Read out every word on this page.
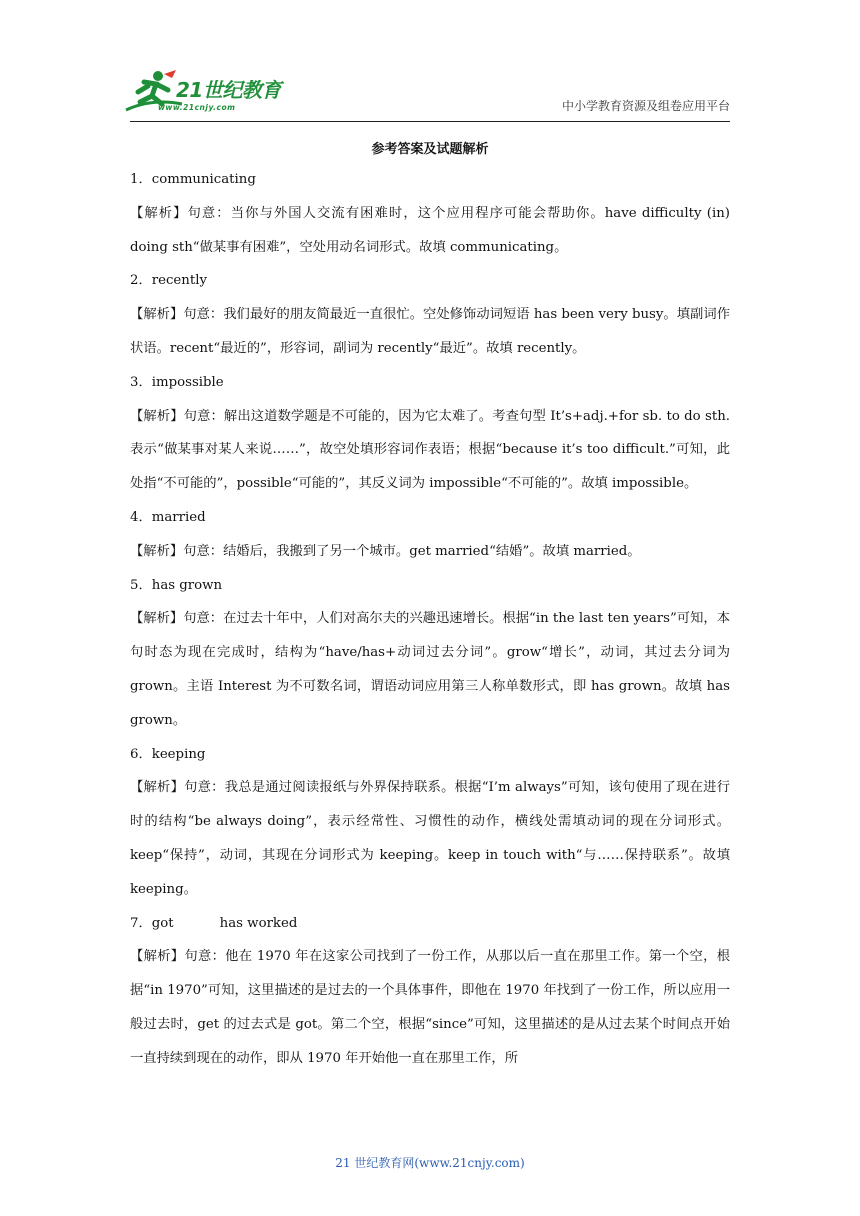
21世纪教育
www.21cnjy.com	中小学教育资源及组卷应用平台
参考答案及试题解析
1．communicating
【解析】句意：当你与外国人交流有困难时，这个应用程序可能会帮助你。have difficulty (in) doing sth“做某事有困难”，空处用动名词形式。故填 communicating。
2．recently
【解析】句意：我们最好的朋友简最近一直很忙。空处修饰动词短语 has been very busy。填副词作状语。recent“最近的”，形容词，副词为 recently“最近”。故填 recently。
3．impossible
【解析】句意：解出这道数学题是不可能的，因为它太难了。考查句型 It’s+adj.+for sb. to do sth.表示“做某事对某人来说……”，故空处填形容词作表语；根据“because it’s too difficult.”可知，此处指“不可能的”，possible“可能的”，其反义词为 impossible“不可能的”。故填 impossible。
4．married
【解析】句意：结婚后，我搬到了另一个城市。get married“结婚”。故填 married。
5．has grown
【解析】句意：在过去十年中，人们对高尔夫的兴趣迅速增长。根据“in the last ten years”可知，本句时态为现在完成时，结构为“have/has+动词过去分词”。grow“增长”，动词，其过去分词为 grown。主语 Interest 为不可数名词，谓语动词应用第三人称单数形式，即 has grown。故填 has grown。
6．keeping
【解析】句意：我总是通过阅读报纸与外界保持联系。根据“I’m always”可知，该句使用了现在进行时的结构“be always doing”，表示经常性、习惯性的动作，横线处需填动词的现在分词形式。keep“保持”，动词，其现在分词形式为 keeping。keep in touch with“与……保持联系”。故填 keeping。
7．got	has worked
【解析】句意：他在 1970 年在这家公司找到了一份工作，从那以后一直在那里工作。第一个空，根据“in 1970”可知，这里描述的是过去的一个具体事件，即他在 1970 年找到了一份工作，所以应用一般过去时，get 的过去式是 got。第二个空，根据“since”可知，这里描述的是从过去某个时间点开始一直持续到现在的动作，即从 1970 年开始他一直在那里工作，所
21 世纪教育网(www.21cnjy.com)
